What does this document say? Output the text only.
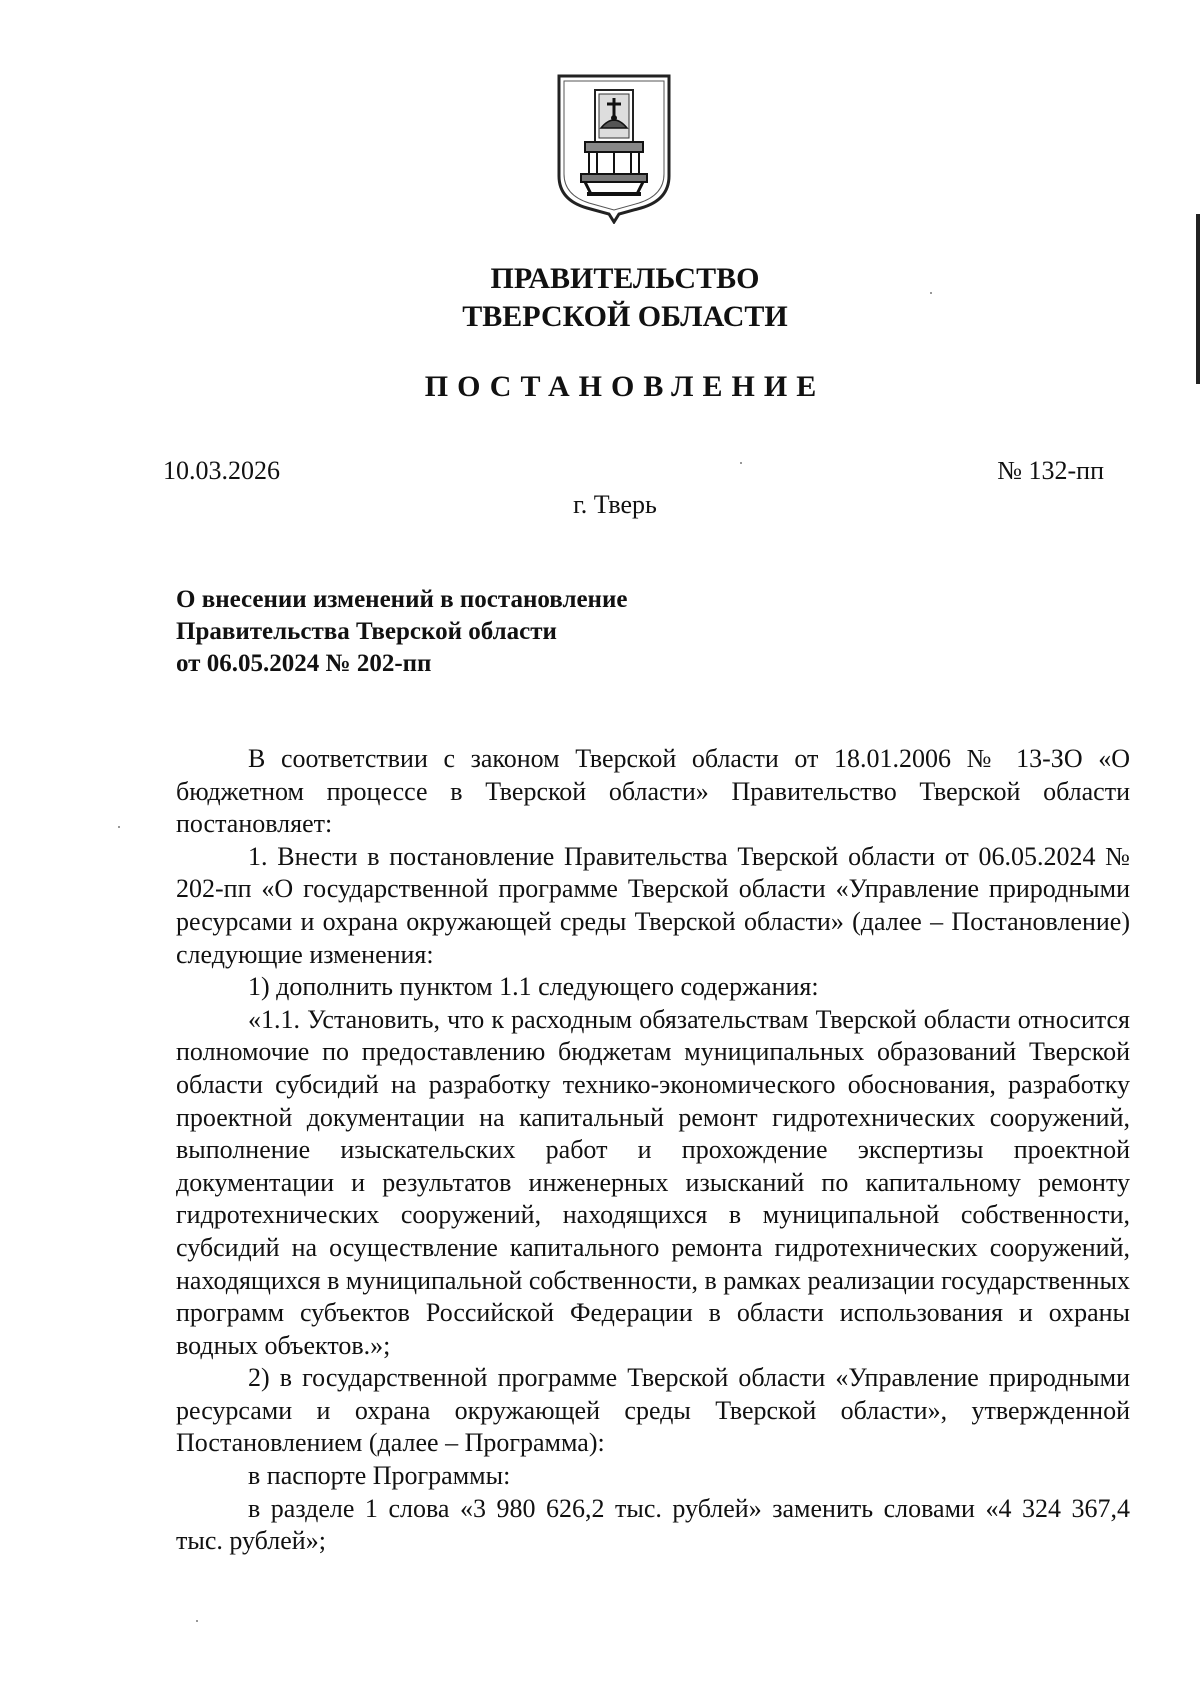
ПРАВИТЕЛЬСТВО
ТВЕРСКОЙ ОБЛАСТИ
ПОСТАНОВЛЕНИЕ
10.03.2026	№ 132-пп
г. Тверь
О внесении изменений в постановление
Правительства Тверской области
от 06.05.2024 № 202-пп

В соответствии с законом Тверской области от 18.01.2006 № 13-ЗО «О бюджетном процессе в Тверской области» Правительство Тверской области постановляет:

1. Внести в постановление Правительства Тверской области от 06.05.2024 № 202-пп «О государственной программе Тверской области «Управление природными ресурсами и охрана окружающей среды Тверской области» (далее – Постановление) следующие изменения:

1) дополнить пунктом 1.1 следующего содержания:

«1.1. Установить, что к расходным обязательствам Тверской области относится полномочие по предоставлению бюджетам муниципальных образований Тверской области субсидий на разработку технико-экономического обоснования, разработку проектной документации на капитальный ремонт гидротехнических сооружений, выполнение изыскательских работ и прохождение экспертизы проектной документации и результатов инженерных изысканий по капитальному ремонту гидротехнических сооружений, находящихся в муниципальной собственности, субсидий на осуществление капитального ремонта гидротехнических сооружений, находящихся в муниципальной собственности, в рамках реализации государственных программ субъектов Российской Федерации в области использования и охраны водных объектов.»;

2) в государственной программе Тверской области «Управление природными ресурсами и охрана окружающей среды Тверской области», утвержденной Постановлением (далее – Программа):

в паспорте Программы:

в разделе 1 слова «3 980 626,2 тыс. рублей» заменить словами «4 324 367,4 тыс. рублей»;
